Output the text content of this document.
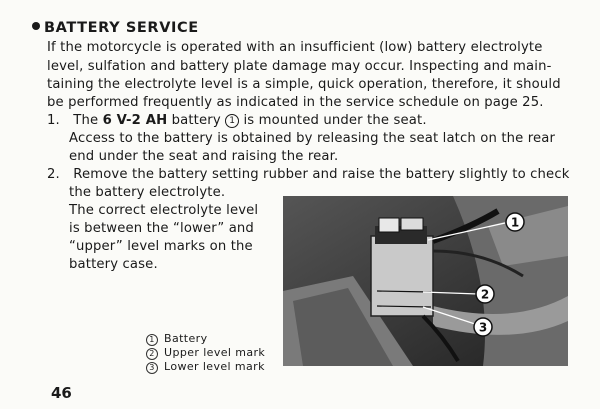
BATTERY SERVICE
If the motorcycle is operated with an insufficient (low) battery electrolyte
level, sulfation and battery plate damage may occur. Inspecting and main-
taining the electrolyte level is a simple, quick operation, therefore, it should
be performed frequently as indicated in the service schedule on page 25.
1. The 6 V-2 AH battery 1 is mounted under the seat.
Access to the battery is obtained by releasing the seat latch on the rear
end under the seat and raising the rear.
2. Remove the battery setting rubber and raise the battery slightly to check
the battery electrolyte.
The correct electrolyte level
is between the “lower” and
“upper” level marks on the
battery case.
1
2
3
1 Battery
2 Upper level mark
3 Lower level mark
46
